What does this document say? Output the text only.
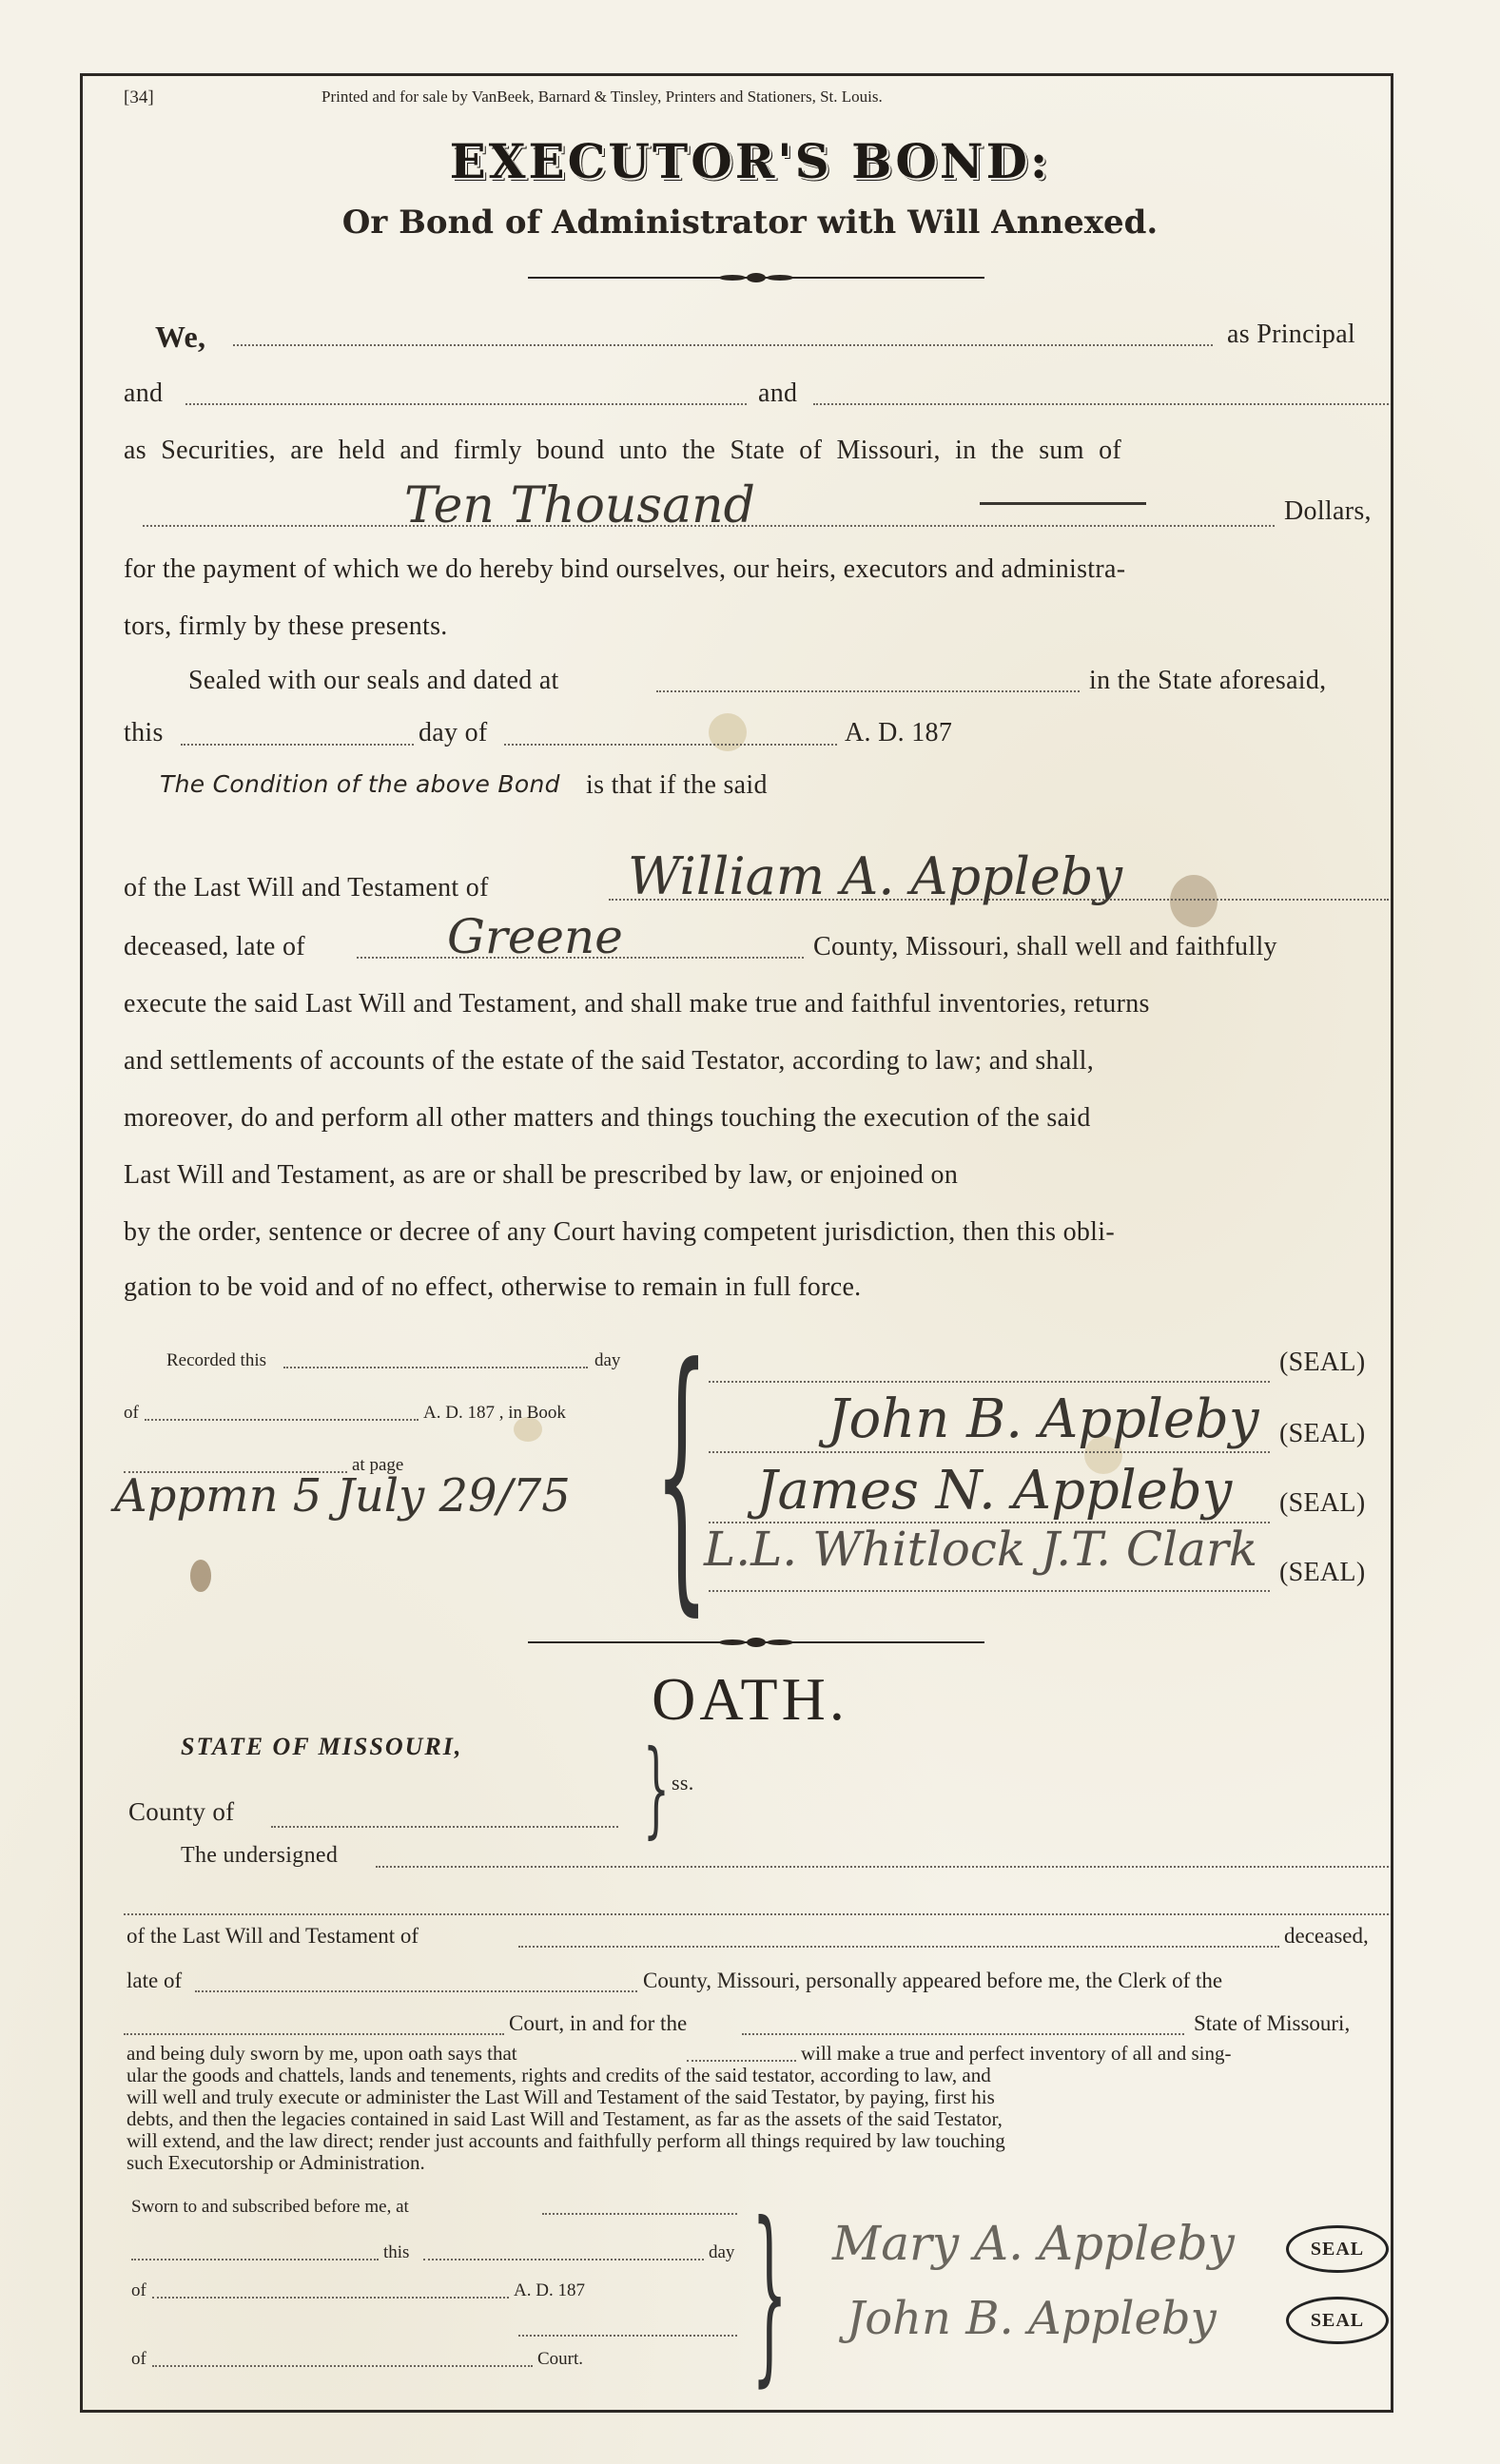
[34]	Printed and for sale by VanBeek, Barnard & Tinsley, Printers and Stationers, St. Louis.
EXECUTOR'S BOND:
Or Bond of Administrator with Will Annexed.
We,	as Principal
and	and
as Securities, are held and firmly bound unto the State of Missouri, in the sum of
Ten Thousand	Dollars,
for the payment of which we do hereby bind ourselves, our heirs, executors and administra-
tors, firmly by these presents.
Sealed with our seals and dated at	in the State aforesaid,
this	day of	A. D. 187
The Condition of the above Bond is that if the said
of the Last Will and Testament of	William A. Appleby
deceased, late of	Greene	County, Missouri, shall well and faithfully
execute the said Last Will and Testament, and shall make true and faithful inventories, returns
and settlements of accounts of the estate of the said Testator, according to law; and shall,
moreover, do and perform all other matters and things touching the execution of the said
Last Will and Testament, as are or shall be prescribed by law, or enjoined on
by the order, sentence or decree of any Court having competent jurisdiction, then this obli-
gation to be void and of no effect, otherwise to remain in full force.
Recorded this	day
of	A. D. 187 , in Book
at page
Appmn 5 July 29/75 {	(SEAL)
John B. Appleby (SEAL)
James N. Appleby (SEAL)
L.L. Whitlock J.T. Clark (SEAL)
OATH.
STATE OF MISSOURI, } ss.
County of
The undersigned
of the Last Will and Testament of	deceased,
late of	County, Missouri, personally appeared before me, the Clerk of the
Court, in and for the	State of Missouri,
and being duly sworn by me, upon oath says that	will make a true and perfect inventory of all and sing-
ular the goods and chattels, lands and tenements, rights and credits of the said testator, according to law, and
will well and truly execute or administer the Last Will and Testament of the said Testator, by paying, first his
debts, and then the legacies contained in said Last Will and Testament, as far as the assets of the said Testator,
will extend, and the law direct; render just accounts and faithfully perform all things required by law touching
such Executorship or Administration.
Sworn to and subscribed before me, at
this	day
of	A. D. 187
of	Court. } Mary A. Appleby	SEAL
John B. Appleby	SEAL
